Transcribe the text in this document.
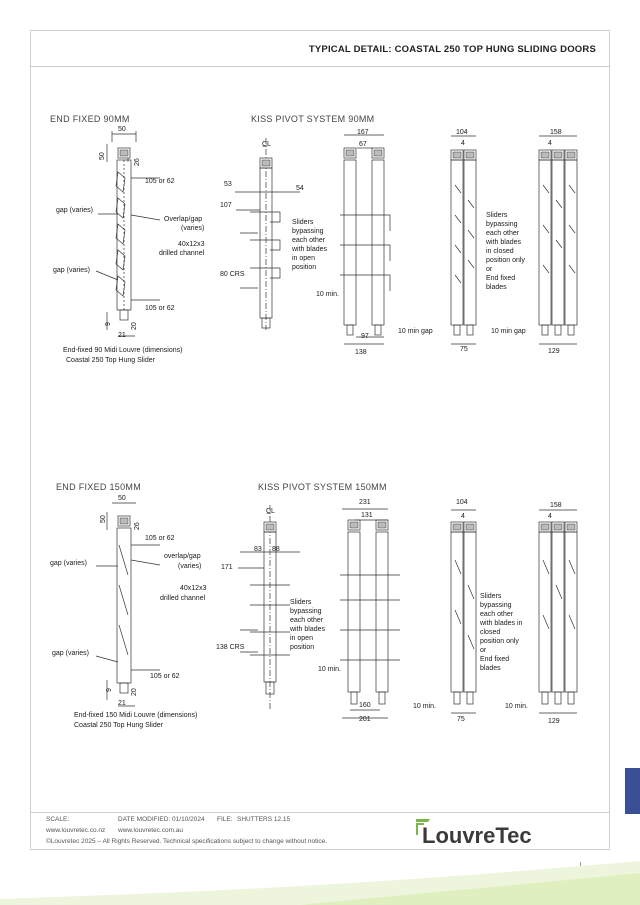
TYPICAL DETAIL: COASTAL 250 TOP HUNG SLIDING DOORS
END FIXED 90MM	KISS PIVOT SYSTEM 90MM
END FIXED 150MM	KISS PIVOT SYSTEM 150MM
50
50
26
105 or 62
gap (varies)
Overlap/gap
(varies)
40x12x3
drilled channel
gap (varies)
105 or 62
9	20
21
End-fixed 90 Midi Louvre (dimensions)
Coastal 250 Top Hung Slider
C̲L
53
54
107
80 CRS
10 min.
167
67
97
138
Sliders
bypassing
each other
with blades
in open
position
104
4
158
4
75	129
10 min gap	10 min gap
Sliders
bypassing
each other
with blades
in closed
position only
or
End fixed
blades
50
50
26
105 or 62
gap (varies)
overlap/gap
(varies)
40x12x3
drilled channel
gap (varies)
105 or 62
9	20
21
End-fixed 150 Midi Louvre (dimensions)
Coastal 250 Top Hung Slider
C̲L
83 88
171
138 CRS
10 min.
231
131
160
201
Sliders
bypassing
each other
with blades
in open
position
104
4
158
4
75	129
10 min.	10 min.
Sliders
bypassing
each other
with blades in
closed
position only
or
End fixed
blades
SCALE:	DATE MODIFIED: 01/10/2024 FILE: SHUTTERS 12.15
www.louvretec.co.nz www.louvretec.com.au
©Louvretec 2025 – All Rights Reserved. Technical specifications subject to change without notice.	LouvreTec
